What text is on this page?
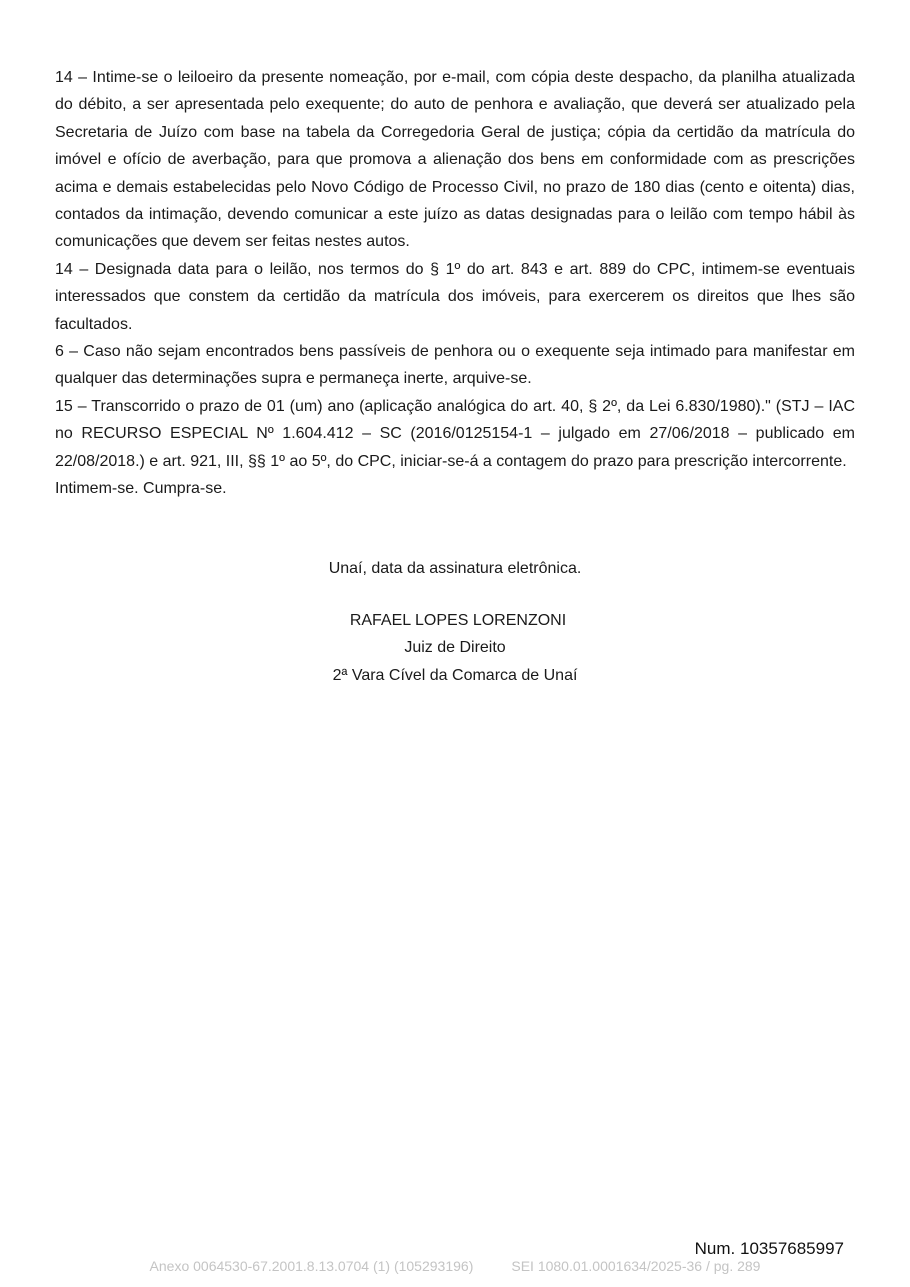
14 – Intime-se o leiloeiro da presente nomeação, por e-mail, com cópia deste despacho, da planilha atualizada do débito, a ser apresentada pelo exequente; do auto de penhora e avaliação, que deverá ser atualizado pela Secretaria de Juízo com base na tabela da Corregedoria Geral de justiça; cópia da certidão da matrícula do imóvel e ofício de averbação, para que promova a alienação dos bens em conformidade com as prescrições acima e demais estabelecidas pelo Novo Código de Processo Civil, no prazo de 180 dias (cento e oitenta) dias, contados da intimação, devendo comunicar a este juízo as datas designadas para o leilão com tempo hábil às comunicações que devem ser feitas nestes autos.

14 – Designada data para o leilão, nos termos do § 1º do art. 843 e art. 889 do CPC, intimem-se eventuais interessados que constem da certidão da matrícula dos imóveis, para exercerem os direitos que lhes são facultados.

6 – Caso não sejam encontrados bens passíveis de penhora ou o exequente seja intimado para manifestar em qualquer das determinações supra e permaneça inerte, arquive-se.

15 – Transcorrido o prazo de 01 (um) ano (aplicação analógica do art. 40, § 2º, da Lei 6.830/1980)." (STJ – IAC no RECURSO ESPECIAL Nº 1.604.412 – SC (2016/0125154-1 – julgado em 27/06/2018 – publicado em 22/08/2018.) e art. 921, III, §§ 1º ao 5º, do CPC, iniciar-se-á a contagem do prazo para prescrição intercorrente.

Intimem-se. Cumpra-se.

Unaí, data da assinatura eletrônica.
RAFAEL LOPES LORENZONI
Juiz de Direito
2ª Vara Cível da Comarca de Unaí
Num. 10357685997
Anexo 0064530-67.2001.8.13.0704 (1) (105293196)	SEI 1080.01.0001634/2025-36 / pg. 289
